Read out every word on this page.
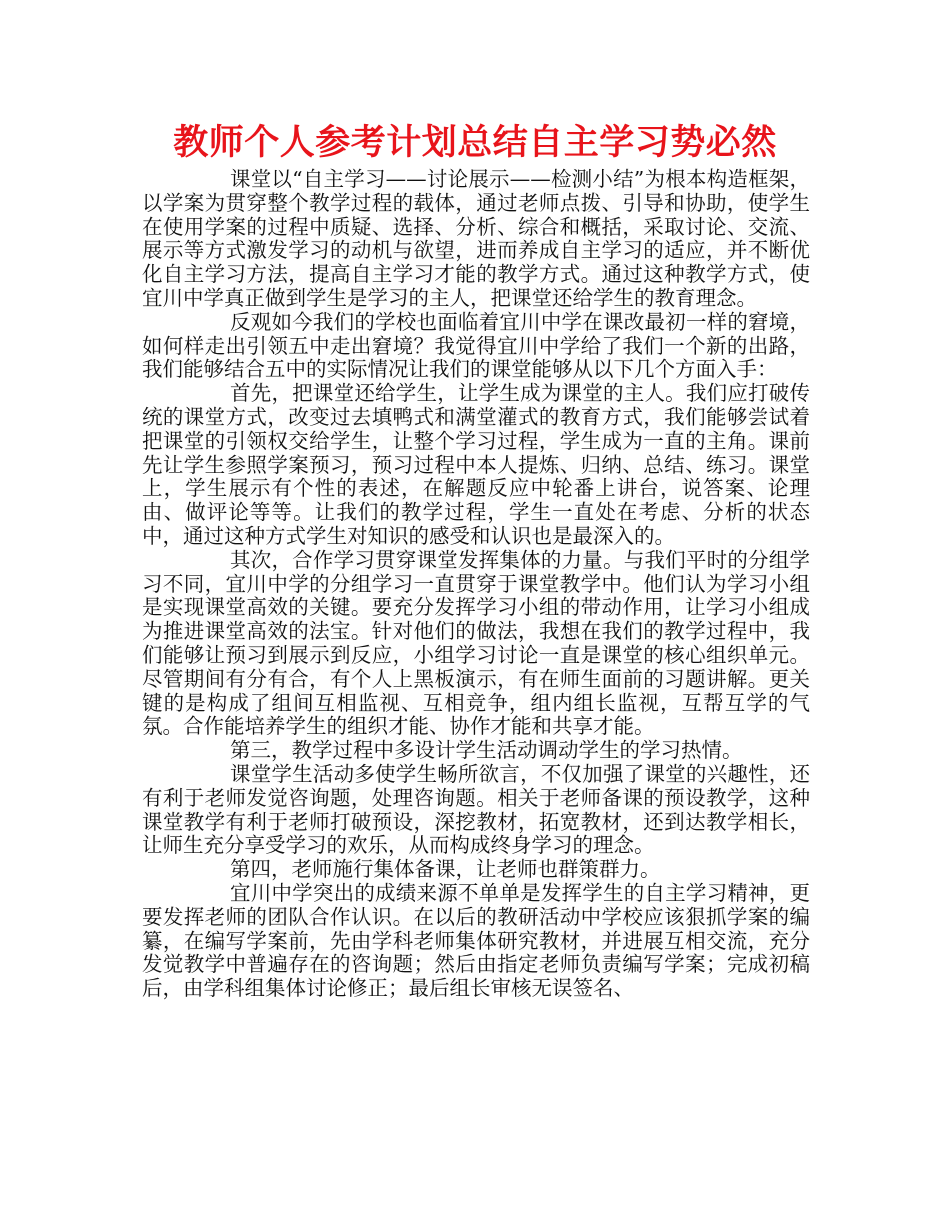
教师个人参考计划总结自主学习势必然

课堂以“自主学习——讨论展示——检测小结”为根本构造框架，以学案为贯穿整个教学过程的载体，通过老师点拨、引导和协助，使学生在使用学案的过程中质疑、选择、分析、综合和概括，采取讨论、交流、展示等方式激发学习的动机与欲望，进而养成自主学习的适应，并不断优化自主学习方法，提高自主学习才能的教学方式。通过这种教学方式，使宜川中学真正做到学生是学习的主人，把课堂还给学生的教育理念。

反观如今我们的学校也面临着宜川中学在课改最初一样的窘境，如何样走出引领五中走出窘境？我觉得宜川中学给了我们一个新的出路，我们能够结合五中的实际情况让我们的课堂能够从以下几个方面入手：

首先，把课堂还给学生，让学生成为课堂的主人。我们应打破传统的课堂方式，改变过去填鸭式和满堂灌式的教育方式，我们能够尝试着把课堂的引领权交给学生，让整个学习过程，学生成为一直的主角。课前先让学生参照学案预习，预习过程中本人提炼、归纳、总结、练习。课堂上，学生展示有个性的表述，在解题反应中轮番上讲台，说答案、论理由、做评论等等。让我们的教学过程，学生一直处在考虑、分析的状态中，通过这种方式学生对知识的感受和认识也是最深入的。

其次，合作学习贯穿课堂发挥集体的力量。与我们平时的分组学习不同，宜川中学的分组学习一直贯穿于课堂教学中。他们认为学习小组是实现课堂高效的关键。要充分发挥学习小组的带动作用，让学习小组成为推进课堂高效的法宝。针对他们的做法，我想在我们的教学过程中，我们能够让预习到展示到反应，小组学习讨论一直是课堂的核心组织单元。尽管期间有分有合，有个人上黑板演示，有在师生面前的习题讲解。更关键的是构成了组间互相监视、互相竞争，组内组长监视，互帮互学的气氛。合作能培养学生的组织才能、协作才能和共享才能。

第三，教学过程中多设计学生活动调动学生的学习热情。

课堂学生活动多使学生畅所欲言，不仅加强了课堂的兴趣性，还有利于老师发觉咨询题，处理咨询题。相关于老师备课的预设教学，这种课堂教学有利于老师打破预设，深挖教材，拓宽教材，还到达教学相长，让师生充分享受学习的欢乐，从而构成终身学习的理念。

第四，老师施行集体备课，让老师也群策群力。

宜川中学突出的成绩来源不单单是发挥学生的自主学习精神，更要发挥老师的团队合作认识。在以后的教研活动中学校应该狠抓学案的编纂，在编写学案前，先由学科老师集体研究教材，并进展互相交流，充分发觉教学中普遍存在的咨询题；然后由指定老师负责编写学案；完成初稿后，由学科组集体讨论修正；最后组长审核无误签名、
